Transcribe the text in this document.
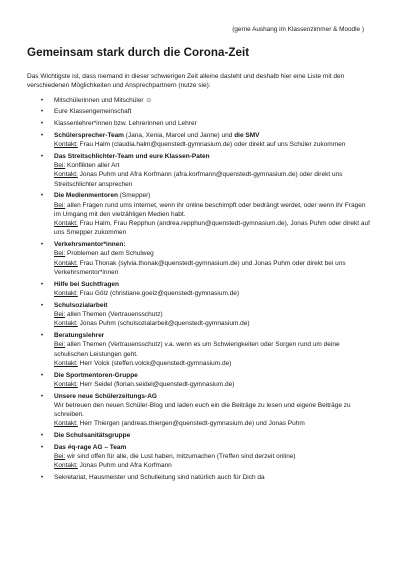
(gerne Aushang im Klassenzimmer & Moodle )
Gemeinsam stark durch die Corona-Zeit

Das Wichtigste ist, dass niemand in dieser schwierigen Zeit alleine dasteht und deshalb hier eine Liste mit den verschiedenen Möglichkeiten und Ansprechpartnern (nutze sie):

•	Mitschülerinnen und Mitschüler ☺
•	Eure Klassengemeinschaft
•	Klassenlehrer*innen bzw. Lehrerinnen und Lehrer
•	Schülersprecher-Team (Jana, Xenia, Marcel und Janne) und die SMV
Kontakt: Frau Halm (claudia.halm@quenstedt-gymnasium.de) oder direkt auf uns Schüler zukommen
•	Das Streitschlichter-Team und eure Klassen-Paten
Bei: Konflikten aller Art
Kontakt: Jonas Puhm und Afra Korfmann (afra.korfmann@quenstedt-gymnasium.de) oder direkt uns Streitschlichter ansprechen
•	Die Medienmentoren (Smepper)
Bei: allen Fragen rund ums Internet, wenn ihr online beschimpft oder bedrängt werdet, oder wenn ihr Fragen im Umgang mit den vielzähligen Medien habt.
Kontakt: Frau Halm, Frau Repphun (andrea.repphun@quenstedt-gymnasium.de), Jonas Puhm oder direkt auf uns Smepper zukommen
•	Verkehrsmentor*innen:
Bei: Problemen auf dem Schulweg
Kontakt: Frau Thonak (sylvia.thonak@quenstedt-gymnasium.de) und Jonas Puhm oder direkt bei uns Verkehrsmentor*innen
•	Hilfe bei Suchtfragen
Kontakt: Frau Gölz (christiane.goelz@quenstedt-gymnasium.de)
•	Schulsozialarbeit
Bei: allen Themen (Vertrauensschutz)
Kontakt: Jonas Puhm (schulsozialarbeit@quenstedt-gymnasium.de)
•	Beratungslehrer
Bei: allen Themen (Vertrauensschutz) v.a. wenn es um Schwierigkeiten oder Sorgen rund um deine schulischen Leistungen geht.
Kontakt: Herr Volck (steffen.volck@quenstedt-gymnasium.de)
•	Die Sportmentoren-Gruppe
Kontakt: Herr Seidel (florian.seidel@quenstedt-gymnasium.de)
•	Unsere neue Schülerzeitungs-AG
Wir betreuen den neuen Schüler-Blog und laden euch ein die Beiträge zu lesen und eigene Beiträge zu schreiben.
Kontakt: Herr Thiergen (andreas.thiergen@quenstedt-gymnasium.de) und Jonas Puhm
•	Die Schulsanitätsgruppe
•	Das #q-rage AG – Team
Bei: wir sind offen für alle, die Lust haben, mitzumachen (Treffen sind derzeit online)
Kontakt: Jonas Puhm und Afra Korfmann
•	Sekretariat, Hausmeister und Schulleitung sind natürlich auch für Dich da
